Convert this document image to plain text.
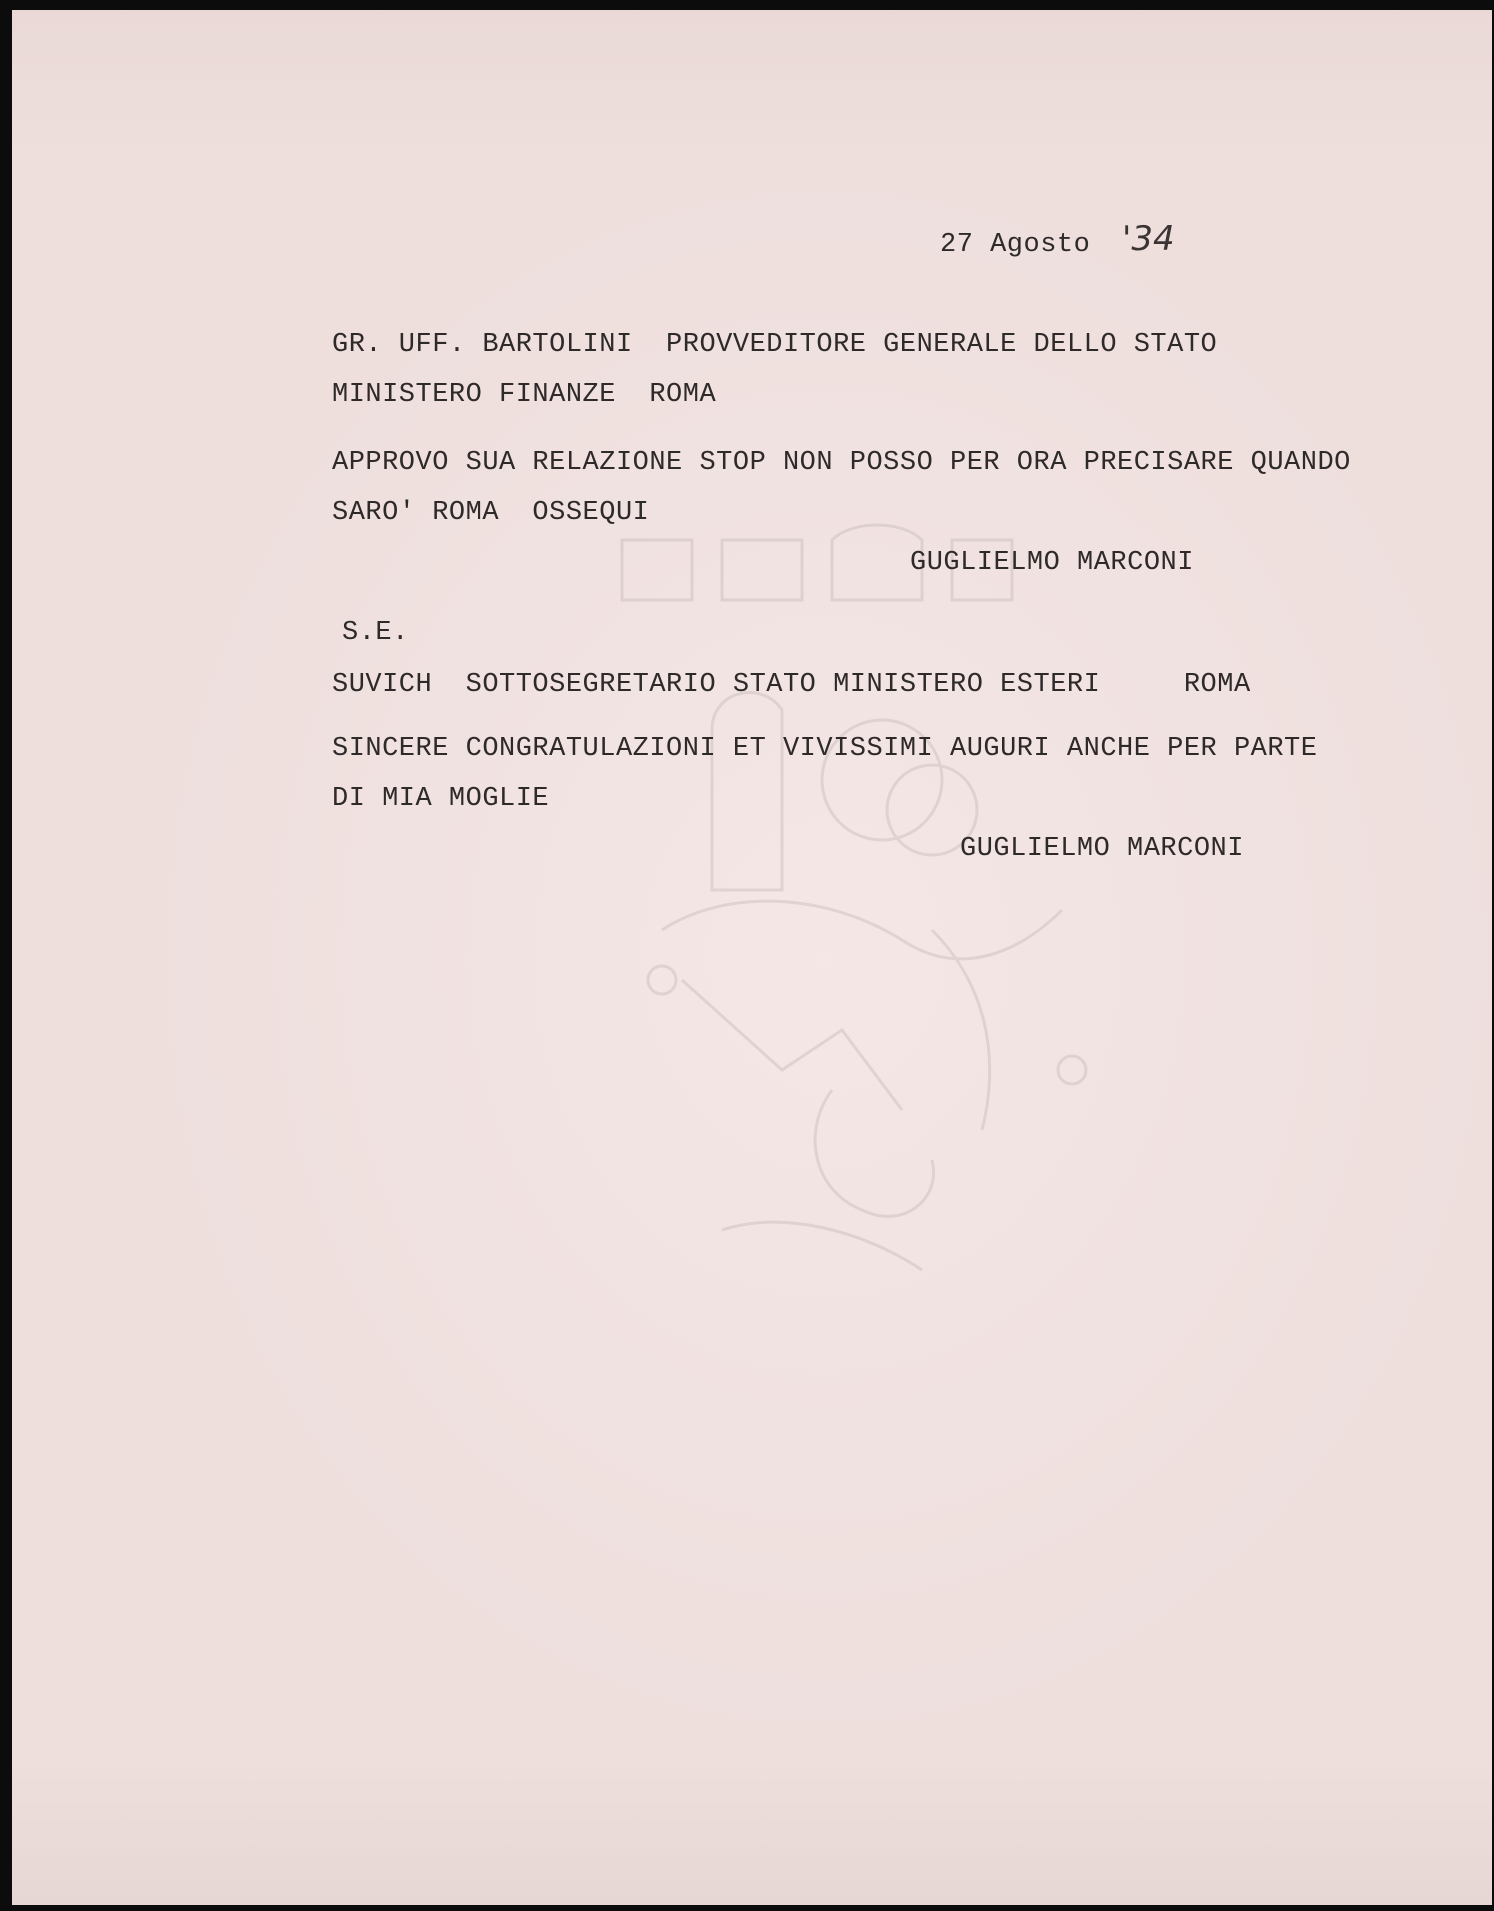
27 Agosto '34
GR. UFF. BARTOLINI  PROVVEDITORE GENERALE DELLO STATO
MINISTERO FINANZE  ROMA
APPROVO SUA RELAZIONE STOP NON POSSO PER ORA PRECISARE QUANDO
SARO' ROMA  OSSEQUI
GUGLIELMO MARCONI
S.E.
SUVICH  SOTTOSEGRETARIO STATO MINISTERO ESTERI     ROMA
SINCERE CONGRATULAZIONI ET VIVISSIMI AUGURI ANCHE PER PARTE
DI MIA MOGLIE
GUGLIELMO MARCONI
